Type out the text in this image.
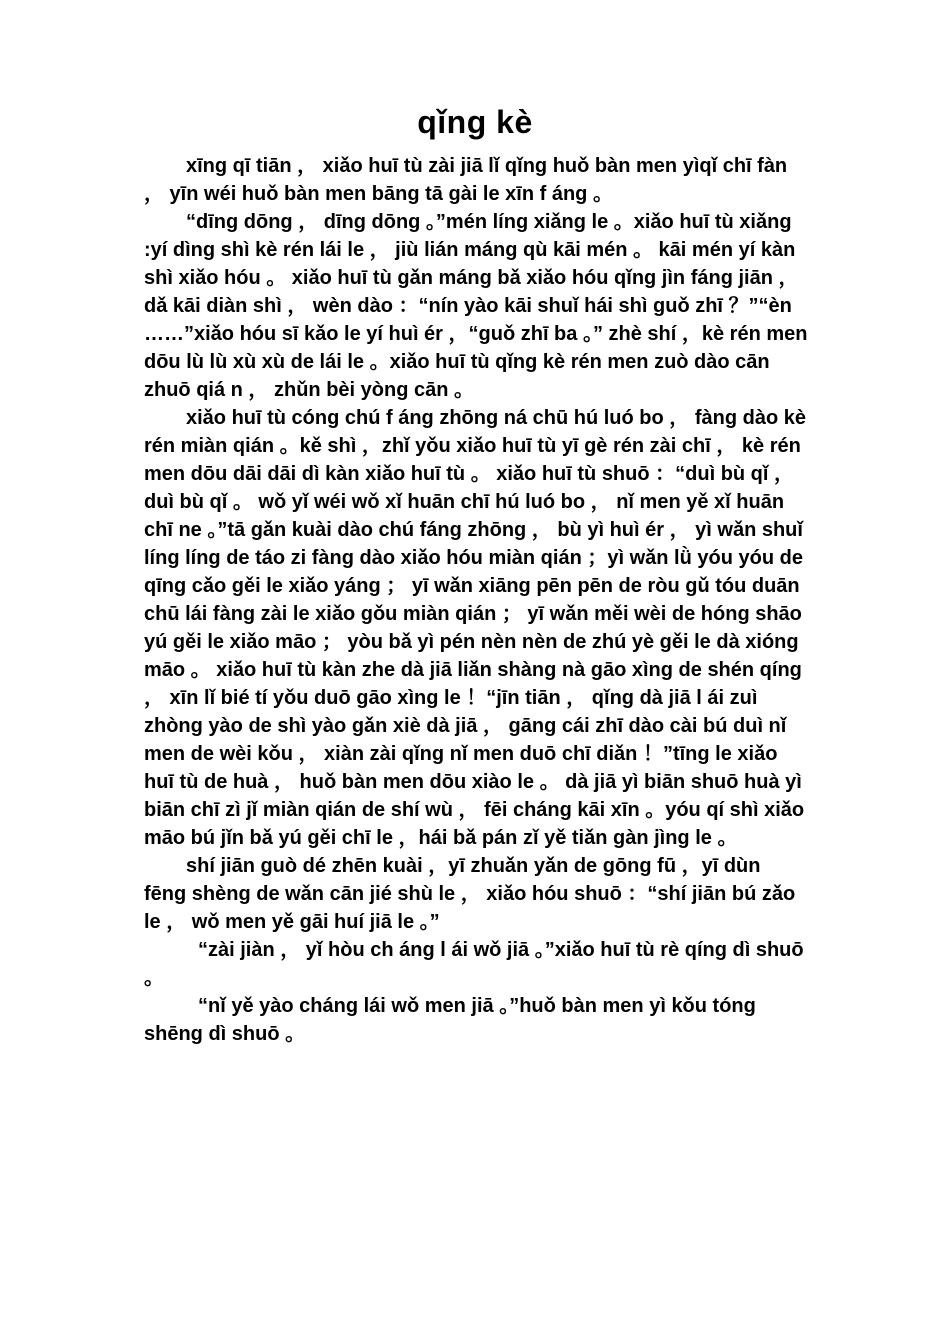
qǐng kè

xīng qī tiān ， xiǎo huī tù zài jiā lǐ qǐng huǒ bàn men yìqǐ chī fàn ， yīn wéi huǒ bàn men bāng tā gài le xīn f áng 。

“dīng dōng ， dīng dōng 。”mén líng xiǎng le 。xiǎo huī tù xiǎng :yí dìng shì kè rén lái le ， jiù lián máng qù kāi mén 。 kāi mén yí kàn shì xiǎo hóu 。 xiǎo huī tù gǎn máng bǎ xiǎo hóu qǐng jìn fáng jiān ，dǎ kāi diàn shì ， wèn dào ：“nín yào kāi shuǐ hái shì guǒ zhī ？”“èn ……”xiǎo hóu sī kǎo le yí huì ér ，“guǒ zhī ba 。” zhè shí ，kè rén men dōu lù lù xù xù de lái le 。xiǎo huī tù qǐng kè rén men zuò dào cān zhuō qiá n ， zhǔn bèi yòng cān 。

xiǎo huī tù cóng chú f áng zhōng ná chū hú luó bo ， fàng dào kè rén miàn qián 。kě shì ，zhǐ yǒu xiǎo huī tù yī gè rén zài chī ， kè rén men dōu dāi dāi dì kàn xiǎo huī tù 。 xiǎo huī tù shuō ：“duì bù qǐ ， duì bù qǐ 。 wǒ yǐ wéi wǒ xǐ huān chī hú luó bo ， nǐ men yě xǐ huān chī ne 。”tā gǎn kuài dào chú fáng zhōng ， bù yì huì ér ， yì wǎn shuǐ líng líng de táo zi fàng dào xiǎo hóu miàn qián ；yì wǎn lǜ yóu yóu de qīng cǎo gěi le xiǎo yáng ； yī wǎn xiāng pēn pēn de ròu gǔ tóu duān chū lái fàng zài le xiǎo gǒu miàn qián ； yī wǎn měi wèi de hóng shāo yú gěi le xiǎo māo ； yòu bǎ yì pén nèn nèn de zhú yè gěi le dà xióng māo 。 xiǎo huī tù kàn zhe dà jiā liǎn shàng nà gāo xìng de shén qíng ， xīn lǐ bié tí yǒu duō gāo xìng le ！“jīn tiān ， qǐng dà jiā l ái zuì zhòng yào de shì yào gǎn xiè dà jiā ， gāng cái zhī dào cài bú duì nǐ men de wèi kǒu ， xiàn zài qǐng nǐ men duō chī diǎn ！”tīng le xiǎo huī tù de huà ， huǒ bàn men dōu xiào le 。 dà jiā yì biān shuō huà yì biān chī zì jǐ miàn qián de shí wù ， fēi cháng kāi xīn 。yóu qí shì xiǎo māo bú jǐn bǎ yú gěi chī le ，hái bǎ pán zǐ yě tiǎn gàn jìng le 。

shí jiān guò dé zhēn kuài ，yī zhuǎn yǎn de gōng fū ，yī dùn fēng shèng de wǎn cān jié shù le ， xiǎo hóu shuō ：“shí jiān bú zǎo le ， wǒ men yě gāi huí jiā le 。”

“zài jiàn ， yǐ hòu ch áng l ái wǒ jiā 。”xiǎo huī tù rè qíng dì shuō 。

“nǐ yě yào cháng lái wǒ men jiā 。”huǒ bàn men yì kǒu tóng shēng dì shuō 。
